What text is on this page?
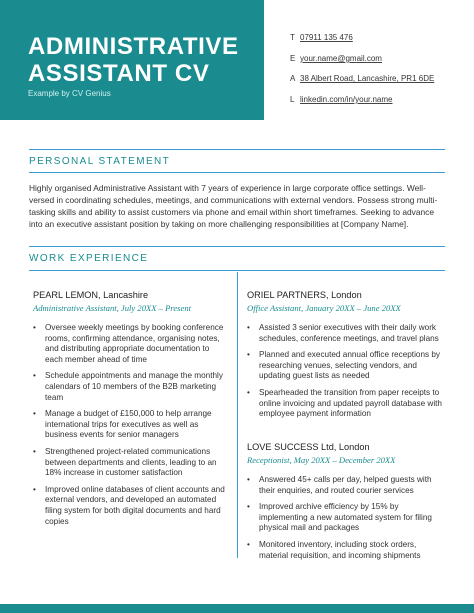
ADMINISTRATIVE
ASSISTANT CV
Example by CV Genius
T 07911 135 476
E your.name@gmail.com
A 38 Albert Road, Lancashire, PR1 6DE
L linkedin.com/in/your.name
PERSONAL STATEMENT
Highly organised Administrative Assistant with 7 years of experience in large corporate office settings. Well-versed in coordinating schedules, meetings, and communications with external vendors. Possess strong multi-tasking skills and ability to assist customers via phone and email within short timeframes. Seeking to advance into an executive assistant position by taking on more challenging responsibilities at [Company Name].
WORK EXPERIENCE
PEARL LEMON, Lancashire
Administrative Assistant, July 20XX – Present
• Oversee weekly meetings by booking conference rooms, confirming attendance, organising notes, and distributing appropriate documentation to each member ahead of time
• Schedule appointments and manage the monthly calendars of 10 members of the B2B marketing team
• Manage a budget of £150,000 to help arrange international trips for executives as well as business events for senior managers
• Strengthened project-related communications between departments and clients, leading to an 18% increase in customer satisfaction
• Improved online databases of client accounts and external vendors, and developed an automated filing system for both digital documents and hard copies
ORIEL PARTNERS, London
Office Assistant, January 20XX – June 20XX
• Assisted 3 senior executives with their daily work schedules, conference meetings, and travel plans
• Planned and executed annual office receptions by researching venues, selecting vendors, and updating guest lists as needed
• Spearheaded the transition from paper receipts to online invoicing and updated payroll database with employee payment information
LOVE SUCCESS Ltd, London
Receptionist, May 20XX – December 20XX
• Answered 45+ calls per day, helped guests with their enquiries, and routed courier services
• Improved archive efficiency by 15% by implementing a new automated system for filing physical mail and packages
• Monitored inventory, including stock orders, material requisition, and incoming shipments
